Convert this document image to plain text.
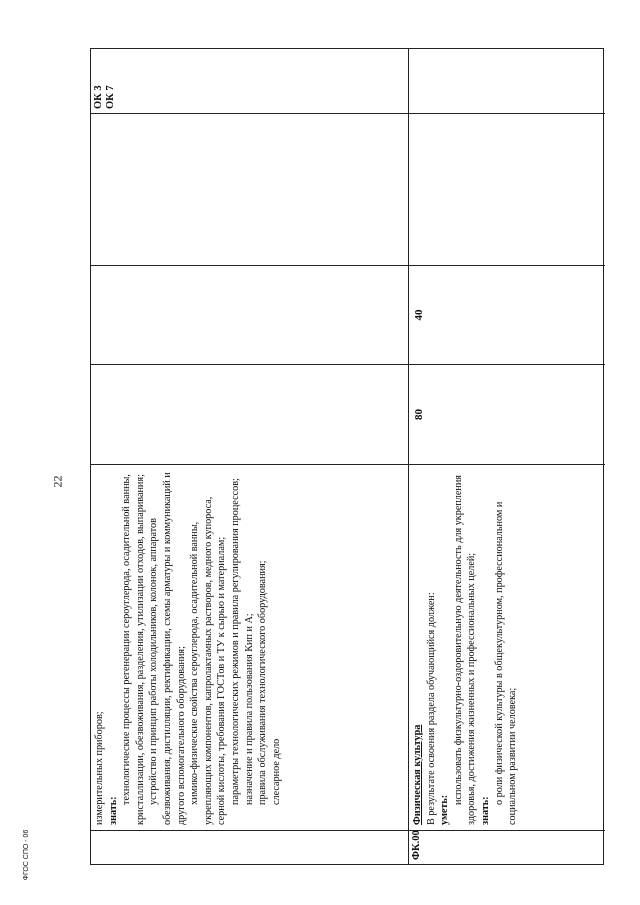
22

измерительных приборов; знать:

технологические процессы регенерации сероуглерода, осадительной ванны, кристаллизации, обезвоживания, разделения, утилизации отходов, выпаривания; устройство и принцип работы холодильников, колонок, аппаратов обезвоживания, дистилляции, ректификации, схемы арматуры и коммуникаций и другого вспомогательного оборудования; химико-физические свойства сероуглерода, осадительной ванны, укрепляющих компонентов, капролактамных растворов, медного купороса, серной кислоты, требования ГОСТов и ТУ к сырью и материалам; параметры технологических режимов и правила регулирования процессов; назначение и правила пользования Кип и А; правила обслуживания технологического оборудования; слесарное дело

ОК 3 ОК 7
ФК.00

Физическая культура В результате освоения раздела обучающийся должен: уметь:

использовать физкультурно-оздоровительную деятельность для укрепления здоровья, достижения жизненных и профессиональных целей; знать:

о роли физической культуры в общекультурном, профессиональном и социальном развитии человека;

80
40
ФГОС СПО - 06
